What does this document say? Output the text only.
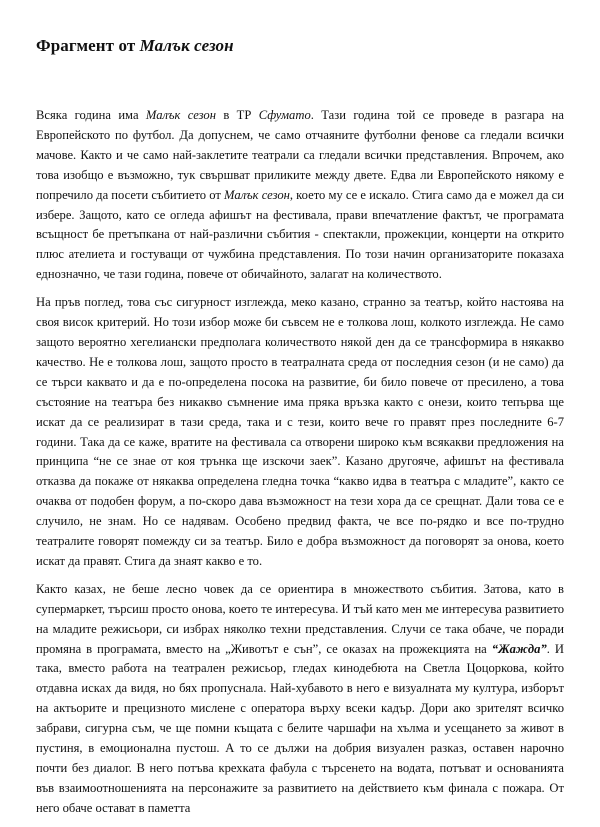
Фрагмент от Малък сезон

Всяка година има Малък сезон в ТР Сфумато. Тази година той се проведе в разгара на Европейското по футбол. Да допуснем, че само отчаяните футболни фенове са гледали всички мачове. Както и че само най-заклетите театрали са гледали всички представления. Впрочем, ако това изобщо е възможно, тук свършват приликите между двете. Едва ли Европейското някому е попречило да посети събитието от Малък сезон, което му се е искало. Стига само да е можел да си избере. Защото, като се огледа афишът на фестивала, прави впечатление фактът, че програмата всъщност бе претъпкана от най-различни събития - спектакли, прожекции, концерти на открито плюс ателиета и гостуващи от чужбина представления. По този начин организаторите показаха еднозначно, че тази година, повече от обичайното, залагат на количеството.

На пръв поглед, това със сигурност изглежда, меко казано, странно за театър, който настоява на своя висок критерий. Но този избор може би съвсем не е толкова лош, колкото изглежда. Не само защото вероятно хегелиански предполага количеството някой ден да се трансформира в някакво качество. Не е толкова лош, защото просто в театралната среда от последния сезон (и не само) да се търси каквато и да е по-определена посока на развитие, би било повече от пресилено, а това състояние на театъра без никакво съмнение има пряка връзка както с онези, които тепърва ще искат да се реализират в тази среда, така и с тези, които вече го правят през последните 6-7 години. Така да се каже, вратите на фестивала са отворени широко към всякакви предложения на принципа “не се знае от коя трънка ще изскочи заек”. Казано другояче, афишът на фестивала отказва да покаже от някаква определена гледна точка “какво идва в театъра с младите”, както се очаква от подобен форум, а по-скоро дава възможност на тези хора да се срещнат. Дали това се е случило, не знам. Но се надявам. Особено предвид факта, че все по-рядко и все по-трудно театралите говорят помежду си за театър. Било е добра възможност да поговорят за онова, което искат да правят. Стига да знаят какво е то.

Както казах, не беше лесно човек да се ориентира в множеството събития. Затова, като в супермаркет, търсиш просто онова, което те интересува. И тъй като мен ме интересува развитието на младите режисьори, си избрах няколко техни представления. Случи се така обаче, че поради промяна в програмата, вместо на „Животът е сън”, се оказах на прожекцията на “Жажда”. И така, вместо работа на театрален режисьор, гледах кинодебюта на Светла Цоцоркова, който отдавна исках да видя, но бях пропуснала. Най-хубавото в него е визуалната му култура, изборът на актьорите и прецизното мислене с оператора върху всеки кадър. Дори ако зрителят всичко забрави, сигурна съм, че ще помни къщата с белите чаршафи на хълма и усещането за живот в пустиня, в емоционална пустош. А то се дължи на добрия визуален разказ, оставен нарочно почти без диалог. В него потъва крехката фабула с търсенето на водата, потъват и основанията във взаимоотношенията на персонажите за развитието на действието към финала с пожара. От него обаче остават в паметта
